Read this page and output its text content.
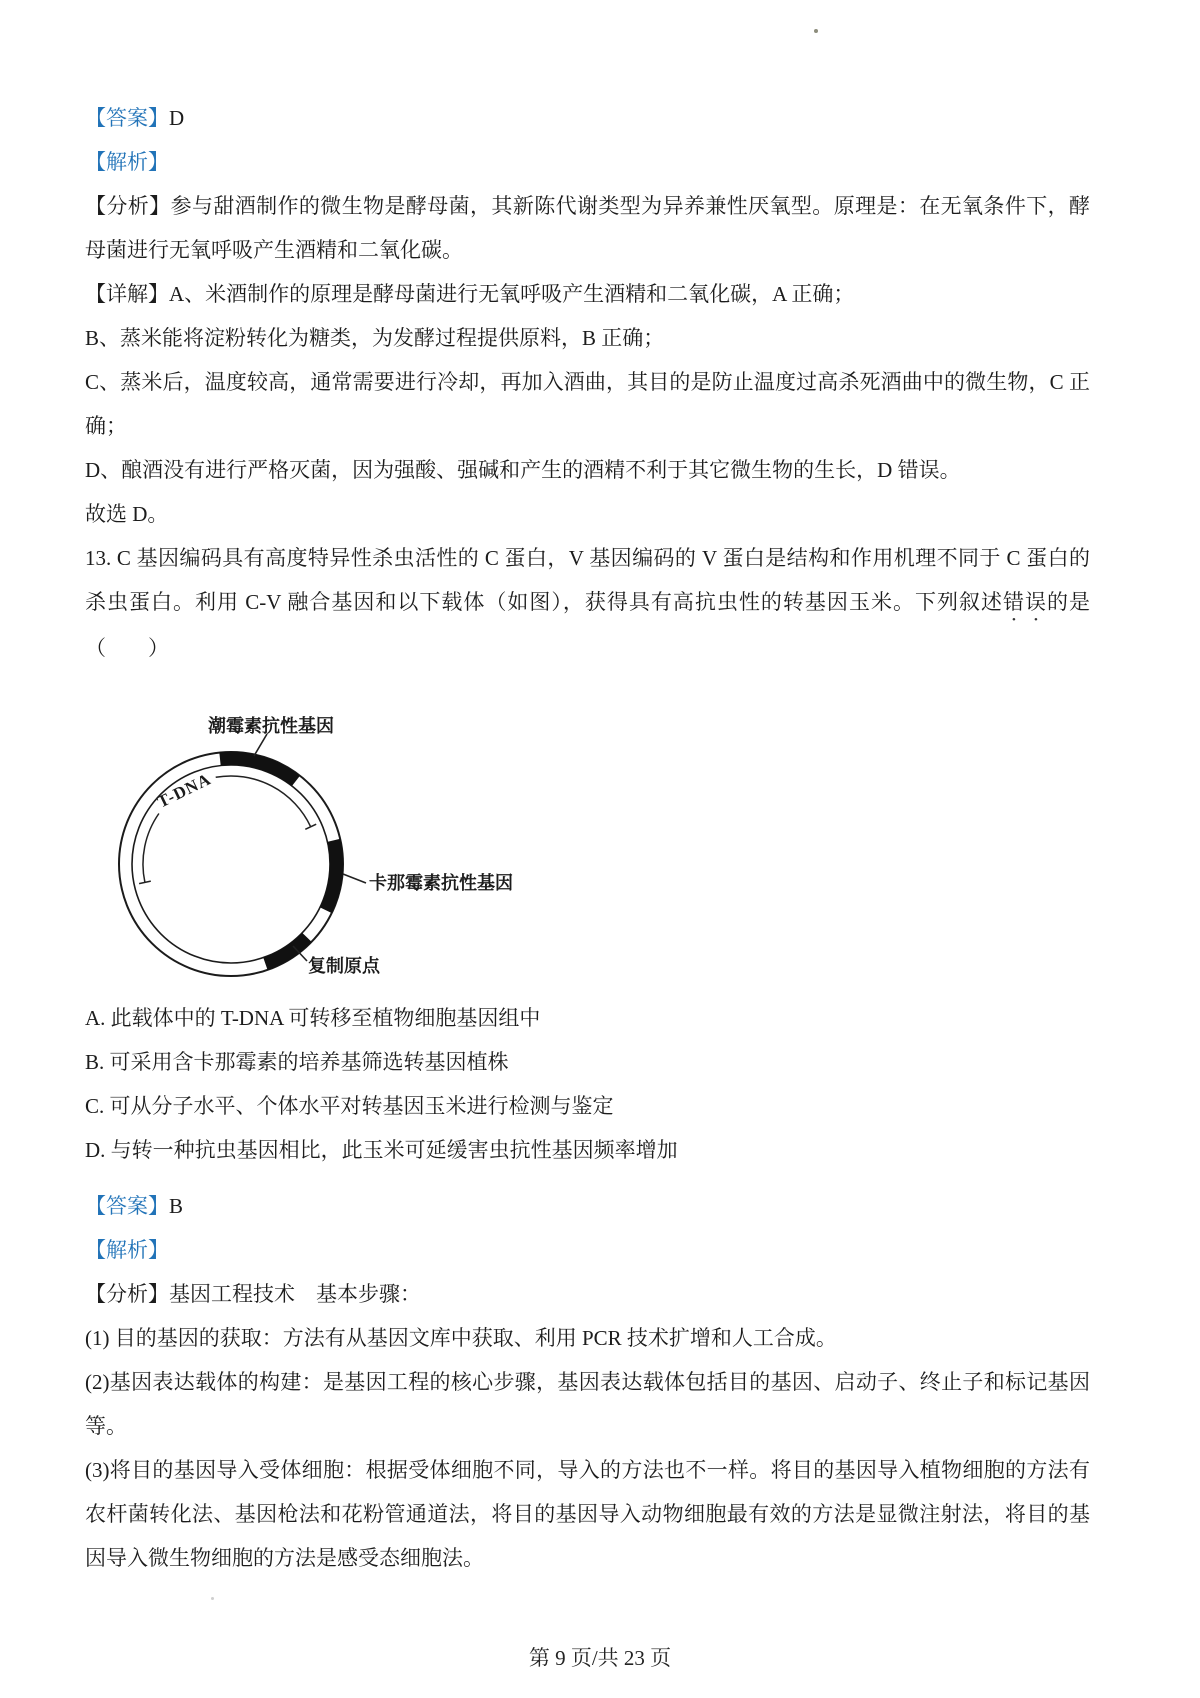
【答案】D

【解析】

【分析】参与甜酒制作的微生物是酵母菌，其新陈代谢类型为异养兼性厌氧型。原理是：在无氧条件下，酵母菌进行无氧呼吸产生酒精和二氧化碳。

【详解】A、米酒制作的原理是酵母菌进行无氧呼吸产生酒精和二氧化碳，A 正确；

B、蒸米能将淀粉转化为糖类，为发酵过程提供原料，B 正确；

C、蒸米后，温度较高，通常需要进行冷却，再加入酒曲，其目的是防止温度过高杀死酒曲中的微生物，C 正确；

D、酿酒没有进行严格灭菌，因为强酸、强碱和产生的酒精不利于其它微生物的生长，D 错误。

故选 D。

13. C 基因编码具有高度特异性杀虫活性的 C 蛋白，V 基因编码的 V 蛋白是结构和作用机理不同于 C 蛋白的杀虫蛋白。利用 C-V 融合基因和以下载体（如图），获得具有高抗虫性的转基因玉米。下列叙述错误的是（　　）

潮霉素抗性基因
T-DNA
卡那霉素抗性基因
复制原点

A. 此载体中的 T-DNA 可转移至植物细胞基因组中

B. 可采用含卡那霉素的培养基筛选转基因植株

C. 可从分子水平、个体水平对转基因玉米进行检测与鉴定

D. 与转一种抗虫基因相比，此玉米可延缓害虫抗性基因频率增加

【答案】B

【解析】

【分析】基因工程技术　基本步骤：

(1) 目的基因的获取：方法有从基因文库中获取、利用 PCR 技术扩增和人工合成。

(2)基因表达载体的构建：是基因工程的核心步骤，基因表达载体包括目的基因、启动子、终止子和标记基因等。

(3)将目的基因导入受体细胞：根据受体细胞不同，导入的方法也不一样。将目的基因导入植物细胞的方法有农杆菌转化法、基因枪法和花粉管通道法，将目的基因导入动物细胞最有效的方法是显微注射法，将目的基因导入微生物细胞的方法是感受态细胞法。

第 9 页/共 23 页
